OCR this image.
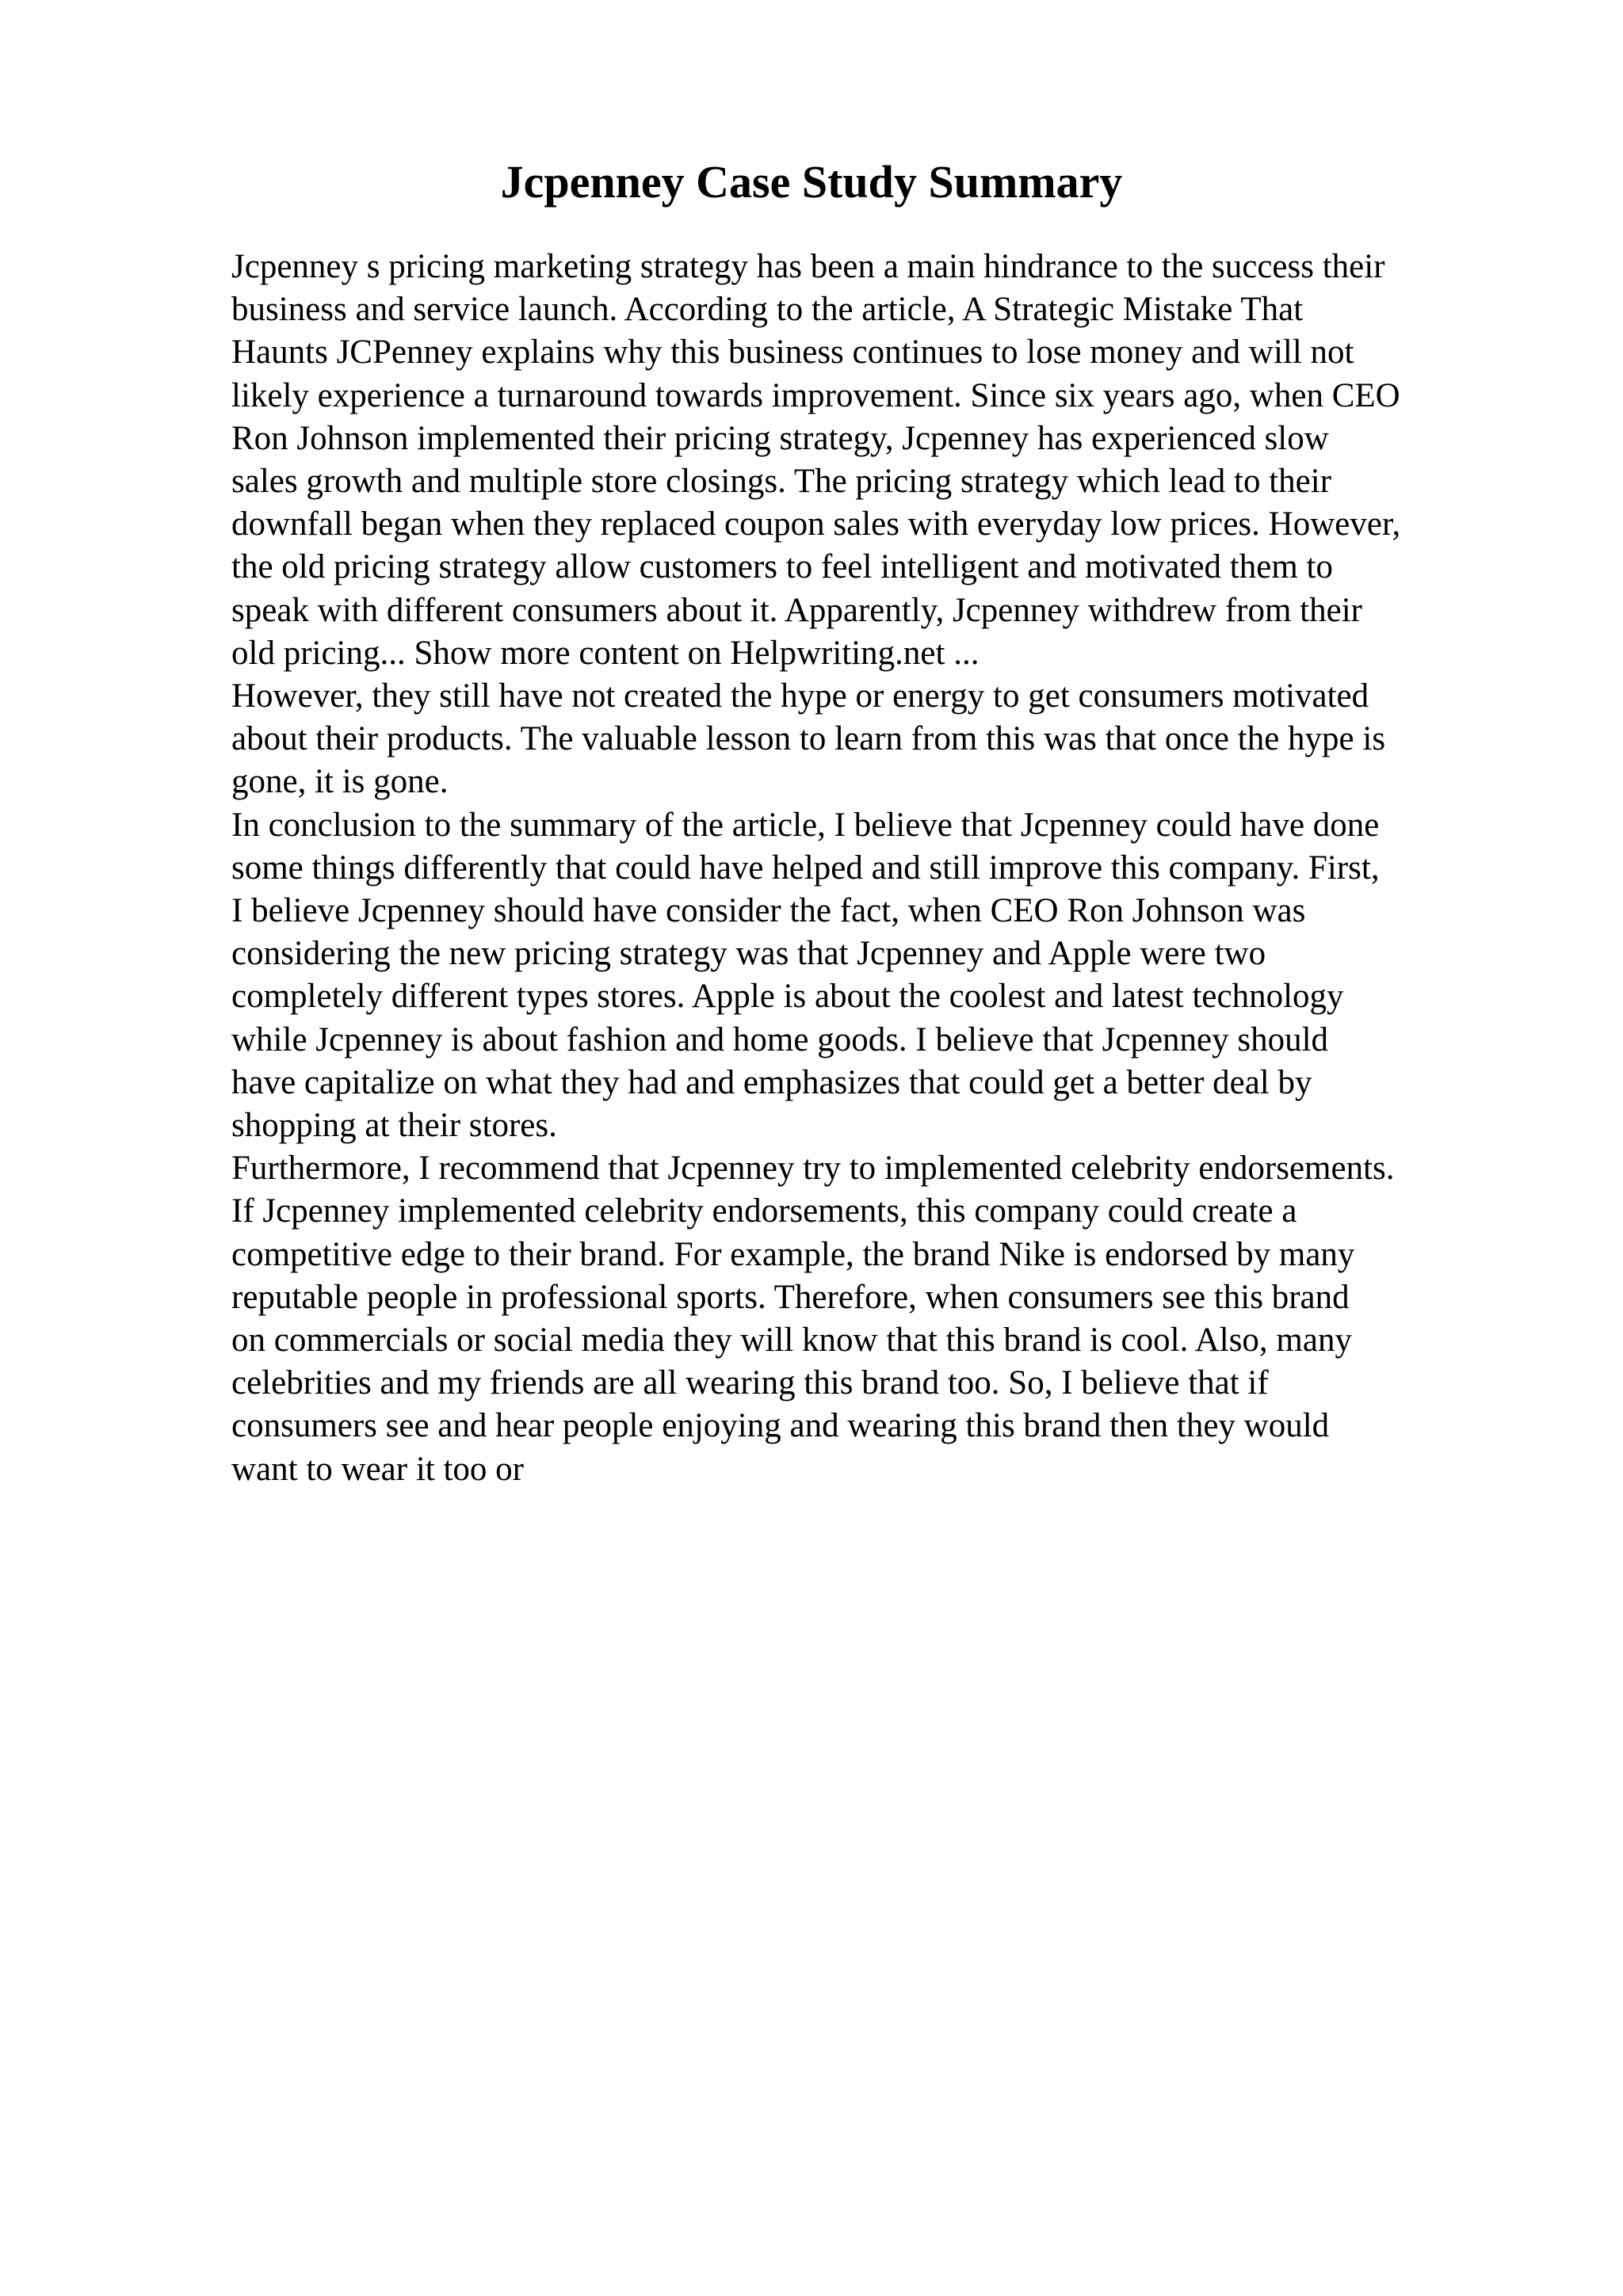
Jcpenney Case Study Summary
Jcpenney s pricing marketing strategy has been a main hindrance to the success their
business and service launch. According to the article, A Strategic Mistake That
Haunts JCPenney explains why this business continues to lose money and will not
likely experience a turnaround towards improvement. Since six years ago, when CEO
Ron Johnson implemented their pricing strategy, Jcpenney has experienced slow
sales growth and multiple store closings. The pricing strategy which lead to their
downfall began when they replaced coupon sales with everyday low prices. However,
the old pricing strategy allow customers to feel intelligent and motivated them to
speak with different consumers about it. Apparently, Jcpenney withdrew from their
old pricing... Show more content on Helpwriting.net ...
However, they still have not created the hype or energy to get consumers motivated
about their products. The valuable lesson to learn from this was that once the hype is
gone, it is gone.
In conclusion to the summary of the article, I believe that Jcpenney could have done
some things differently that could have helped and still improve this company. First,
I believe Jcpenney should have consider the fact, when CEO Ron Johnson was
considering the new pricing strategy was that Jcpenney and Apple were two
completely different types stores. Apple is about the coolest and latest technology
while Jcpenney is about fashion and home goods. I believe that Jcpenney should
have capitalize on what they had and emphasizes that could get a better deal by
shopping at their stores.
Furthermore, I recommend that Jcpenney try to implemented celebrity endorsements.
If Jcpenney implemented celebrity endorsements, this company could create a
competitive edge to their brand. For example, the brand Nike is endorsed by many
reputable people in professional sports. Therefore, when consumers see this brand
on commercials or social media they will know that this brand is cool. Also, many
celebrities and my friends are all wearing this brand too. So, I believe that if
consumers see and hear people enjoying and wearing this brand then they would
want to wear it too or
